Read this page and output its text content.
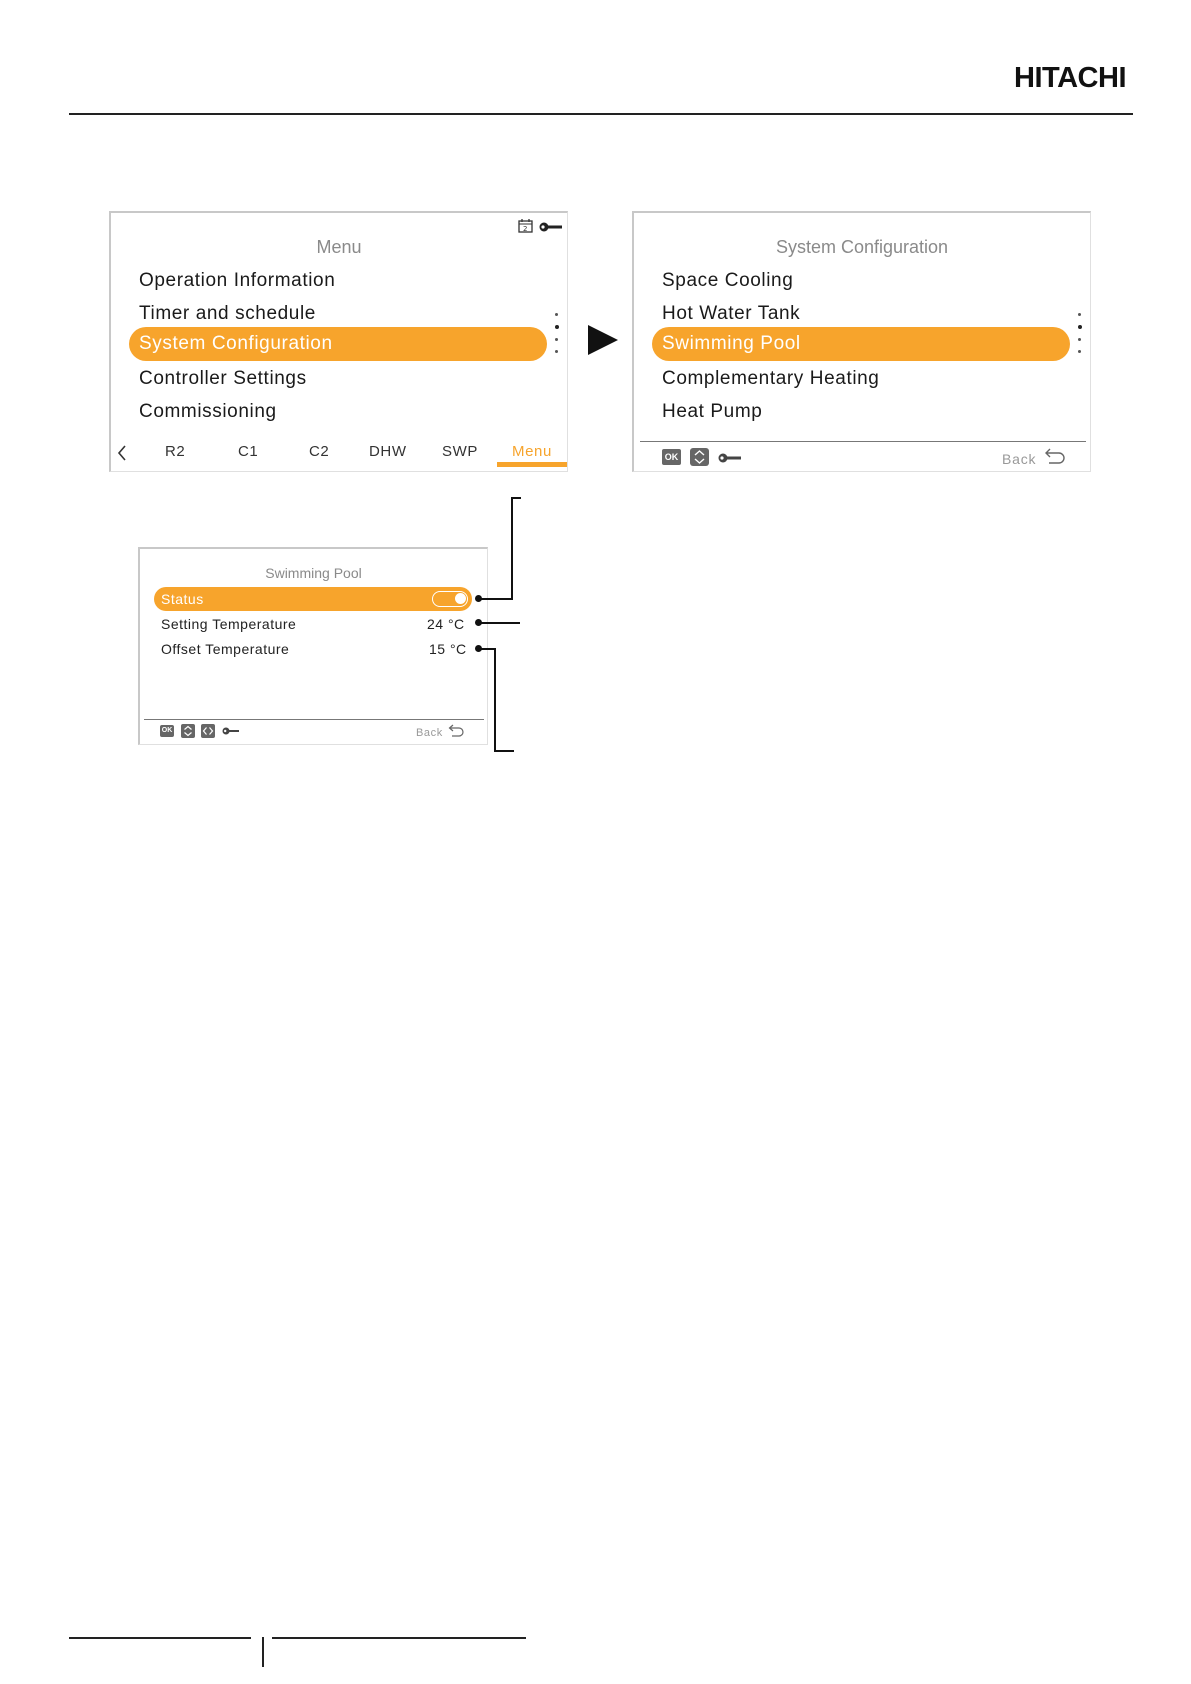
HITACHI
2
Menu
Operation Information
Timer and schedule
System Configuration
Controller Settings
Commissioning
R2	C1	C2	DHW SWP Menu
System Configuration
Space Cooling
Hot Water Tank
Swimming Pool
Complementary Heating
Heat Pump
OK	Back
Swimming Pool
Status
Setting Temperature	24 °C
Offset Temperature	15 °C
OK	Back
